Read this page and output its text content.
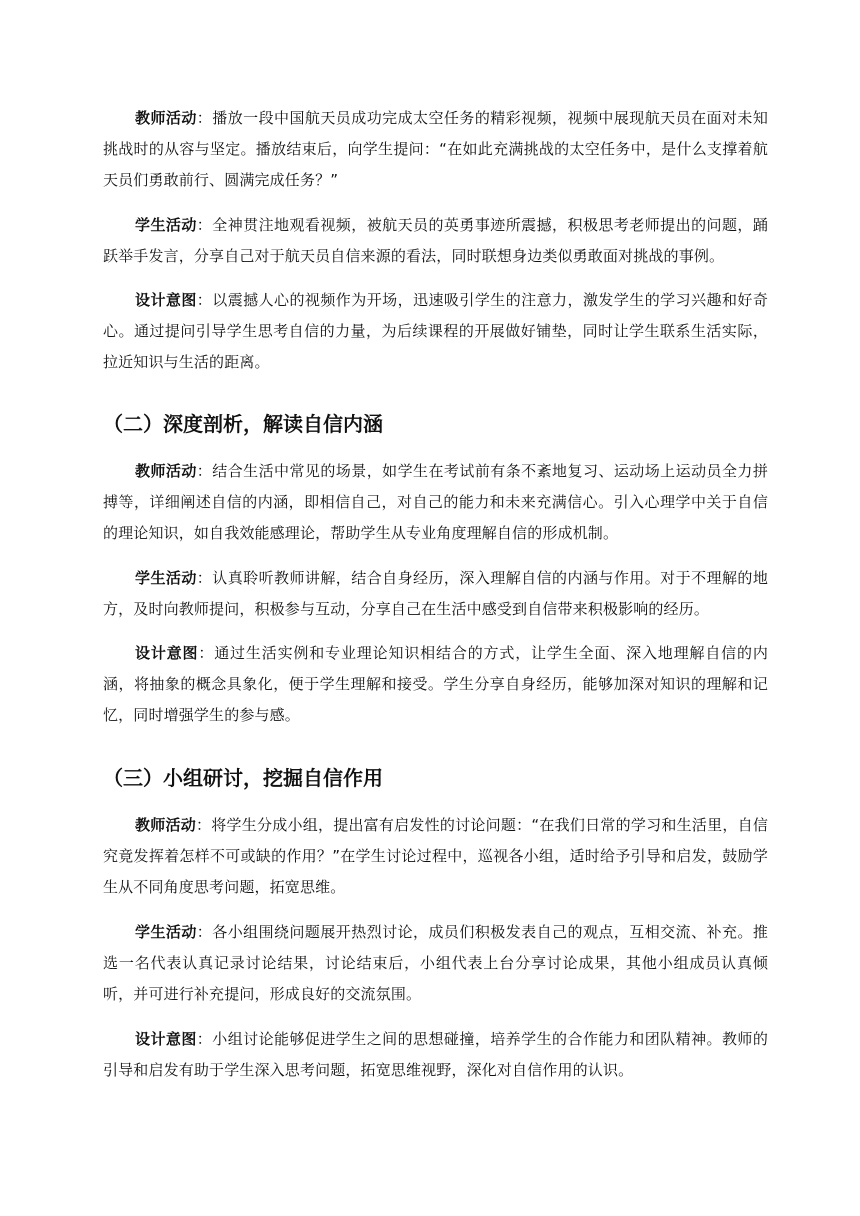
教师活动：播放一段中国航天员成功完成太空任务的精彩视频，视频中展现航天员在面对未知挑战时的从容与坚定。播放结束后，向学生提问：“在如此充满挑战的太空任务中，是什么支撑着航天员们勇敢前行、圆满完成任务？”

学生活动：全神贯注地观看视频，被航天员的英勇事迹所震撼，积极思考老师提出的问题，踊跃举手发言，分享自己对于航天员自信来源的看法，同时联想身边类似勇敢面对挑战的事例。

设计意图：以震撼人心的视频作为开场，迅速吸引学生的注意力，激发学生的学习兴趣和好奇心。通过提问引导学生思考自信的力量，为后续课程的开展做好铺垫，同时让学生联系生活实际，拉近知识与生活的距离。

（二）深度剖析，解读自信内涵

教师活动：结合生活中常见的场景，如学生在考试前有条不紊地复习、运动场上运动员全力拼搏等，详细阐述自信的内涵，即相信自己，对自己的能力和未来充满信心。引入心理学中关于自信的理论知识，如自我效能感理论，帮助学生从专业角度理解自信的形成机制。

学生活动：认真聆听教师讲解，结合自身经历，深入理解自信的内涵与作用。对于不理解的地方，及时向教师提问，积极参与互动，分享自己在生活中感受到自信带来积极影响的经历。

设计意图：通过生活实例和专业理论知识相结合的方式，让学生全面、深入地理解自信的内涵，将抽象的概念具象化，便于学生理解和接受。学生分享自身经历，能够加深对知识的理解和记忆，同时增强学生的参与感。

（三）小组研讨，挖掘自信作用

教师活动：将学生分成小组，提出富有启发性的讨论问题：“在我们日常的学习和生活里，自信究竟发挥着怎样不可或缺的作用？”在学生讨论过程中，巡视各小组，适时给予引导和启发，鼓励学生从不同角度思考问题，拓宽思维。

学生活动：各小组围绕问题展开热烈讨论，成员们积极发表自己的观点，互相交流、补充。推选一名代表认真记录讨论结果，讨论结束后，小组代表上台分享讨论成果，其他小组成员认真倾听，并可进行补充提问，形成良好的交流氛围。

设计意图：小组讨论能够促进学生之间的思想碰撞，培养学生的合作能力和团队精神。教师的引导和启发有助于学生深入思考问题，拓宽思维视野，深化对自信作用的认识。
